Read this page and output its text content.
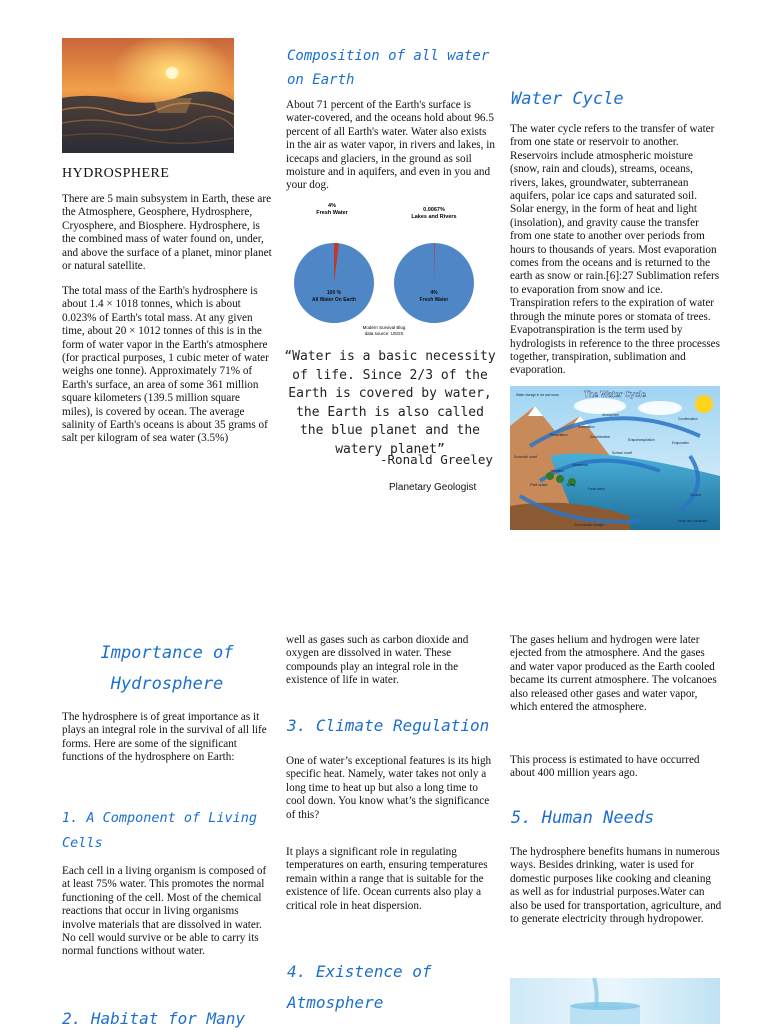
HYDROSPHERE

There are 5 main subsystem in Earth, these are the Atmosphere, Geosphere, Hydrosphere, Cryosphere, and Biosphere. Hydrosphere, is the combined mass of water found on, under, and above the surface of a planet, minor planet or natural satellite.

The total mass of the Earth's hydrosphere is about 1.4 × 1018 tonnes, which is about 0.023% of Earth's total mass. At any given time, about 20 × 1012 tonnes of this is in the form of water vapor in the Earth's atmosphere (for practical purposes, 1 cubic meter of water weighs one tonne). Approximately 71% of Earth's surface, an area of some 361 million square kilometers (139.5 million square miles), is covered by ocean. The average salinity of Earth's oceans is about 35 grams of salt per kilogram of sea water (3.5%)

Composition of all water on Earth

About 71 percent of the Earth's surface is water-covered, and the oceans hold about 96.5 percent of all Earth's water. Water also exists in the air as water vapor, in rivers and lakes, in icecaps and glaciers, in the ground as soil moisture and in aquifers, and even in you and your dog.

4%
Fresh Water
100 %
All Water On Earth
0.0067%
Lakes and Rivers
4%
Fresh Water
Modern Survival Blog
data source: USGS
“Water is a basic necessity of life. Since 2/3 of the Earth is covered by water, the Earth is also called the blue planet and the watery planet”
-Ronald Greeley
Planetary Geologist
Water Cycle

The water cycle refers to the transfer of water from one state or reservoir to another. Reservoirs include atmospheric moisture (snow, rain and clouds), streams, oceans, rivers, lakes, groundwater, subterranean aquifers, polar ice caps and saturated soil. Solar energy, in the form of heat and light (insolation), and gravity cause the transfer from one state to another over periods from hours to thousands of years. Most evaporation comes from the oceans and is returned to the earth as snow or rain.[6]:27 Sublimation refers to evaporation from snow and ice. Transpiration refers to the expiration of water through the minute pores or stomata of trees. Evapotranspiration is the term used by hydrologists in reference to the three processes together, transpiration, sublimation and evaporation.

The Water Cycle
Water storage in ice and snow
Atmosphere
Condensation
Sublimation
Precipitation
Evaporation
Desublimation
Evapotranspiration
Snowmelt runoff
Surface runoff
Streamflow
Infiltration
Spring
Fresh-water
Plant uptake
Oceans
Groundwater storage
Vents and volcanoes
Importance of Hydrosphere

The hydrosphere is of great importance as it plays an integral role in the survival of all life forms. Here are some of the significant functions of the hydrosphere on Earth:

1. A Component of Living Cells

Each cell in a living organism is composed of at least 75% water. This promotes the normal functioning of the cell. Most of the chemical reactions that occur in living organisms involve materials that are dissolved in water. No cell would survive or be able to carry its normal functions without water.

2. Habitat for Many

well as gases such as carbon dioxide and oxygen are dissolved in water. These compounds play an integral role in the existence of life in water.

3. Climate Regulation

One of water’s exceptional features is its high specific heat. Namely, water takes not only a long time to heat up but also a long time to cool down. You know what’s the significance of this?

It plays a significant role in regulating temperatures on earth, ensuring temperatures remain within a range that is suitable for the existence of life. Ocean currents also play a critical role in heat dispersion.

4. Existence of Atmosphere

The gases helium and hydrogen were later ejected from the atmosphere. And the gases and water vapor produced as the Earth cooled became its current atmosphere. The volcanoes also released other gases and water vapor, which entered the atmosphere.

This process is estimated to have occurred about 400 million years ago.

5. Human Needs

The hydrosphere benefits humans in numerous ways. Besides drinking, water is used for domestic purposes like cooking and cleaning as well as for industrial purposes.Water can also be used for transportation, agriculture, and to generate electricity through hydropower.
